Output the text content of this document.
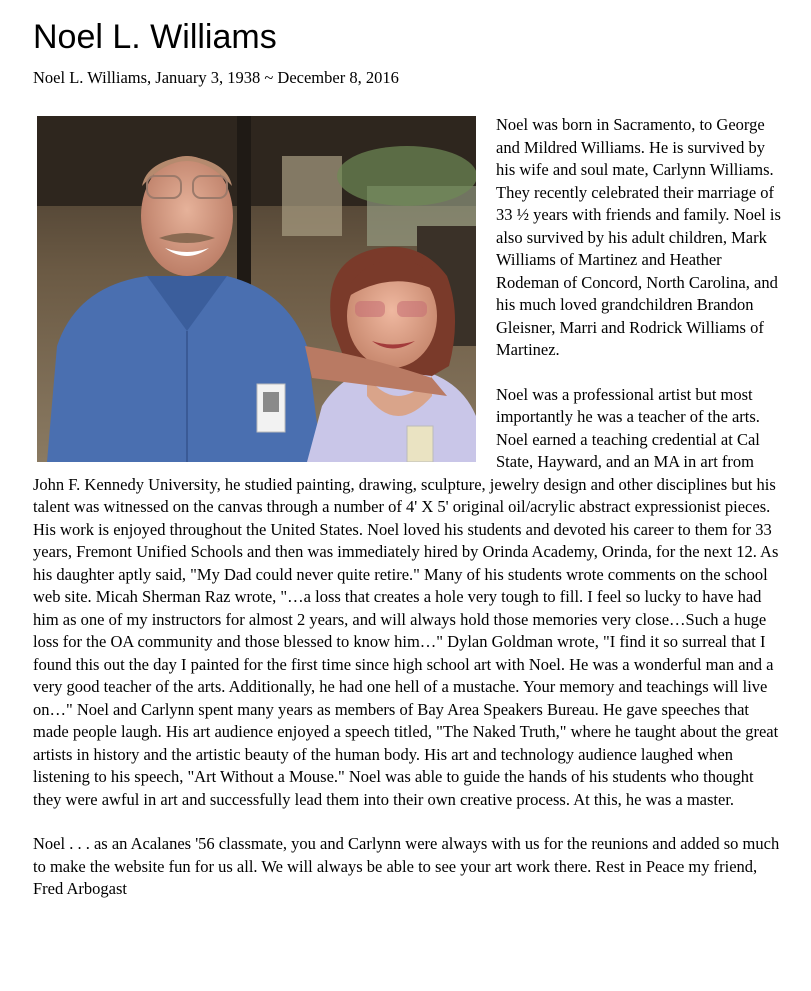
Noel L. Williams

Noel L. Williams, January 3, 1938 ~ December 8, 2016

Noel was born in Sacramento, to George and Mildred Williams. He is survived by his wife and soul mate, Carlynn Williams. They recently celebrated their marriage of 33 ½ years with friends and family. Noel is also survived by his adult children, Mark Williams of Martinez and Heather Rodeman of Concord, North Carolina, and his much loved grandchildren Brandon Gleisner, Marri and Rodrick Williams of Martinez.

Noel was a professional artist but most importantly he was a teacher of the arts. Noel earned a teaching credential at Cal State, Hayward, and an MA in art from John F. Kennedy University, he studied painting, drawing, sculpture, jewelry design and other disciplines but his talent was witnessed on the canvas through a number of 4' X 5' original oil/acrylic abstract expressionist pieces. His work is enjoyed throughout the United States. Noel loved his students and devoted his career to them for 33 years, Fremont Unified Schools and then was immediately hired by Orinda Academy, Orinda, for the next 12. As his daughter aptly said, "My Dad could never quite retire." Many of his students wrote comments on the school web site. Micah Sherman Raz wrote, "…a loss that creates a hole very tough to fill. I feel so lucky to have had him as one of my instructors for almost 2 years, and will always hold those memories very close…Such a huge loss for the OA community and those blessed to know him…" Dylan Goldman wrote, "I find it so surreal that I found this out the day I painted for the first time since high school art with Noel. He was a wonderful man and a very good teacher of the arts. Additionally, he had one hell of a mustache. Your memory and teachings will live on…" Noel and Carlynn spent many years as members of Bay Area Speakers Bureau. He gave speeches that made people laugh. His art audience enjoyed a speech titled, "The Naked Truth," where he taught about the great artists in history and the artistic beauty of the human body. His art and technology audience laughed when listening to his speech, "Art Without a Mouse." Noel was able to guide the hands of his students who thought they were awful in art and successfully lead them into their own creative process. At this, he was a master.

Noel . . . as an Acalanes '56 classmate, you and Carlynn were always with us for the reunions and added so much to make the website fun for us all. We will always be able to see your art work there. Rest in Peace my friend, Fred Arbogast
